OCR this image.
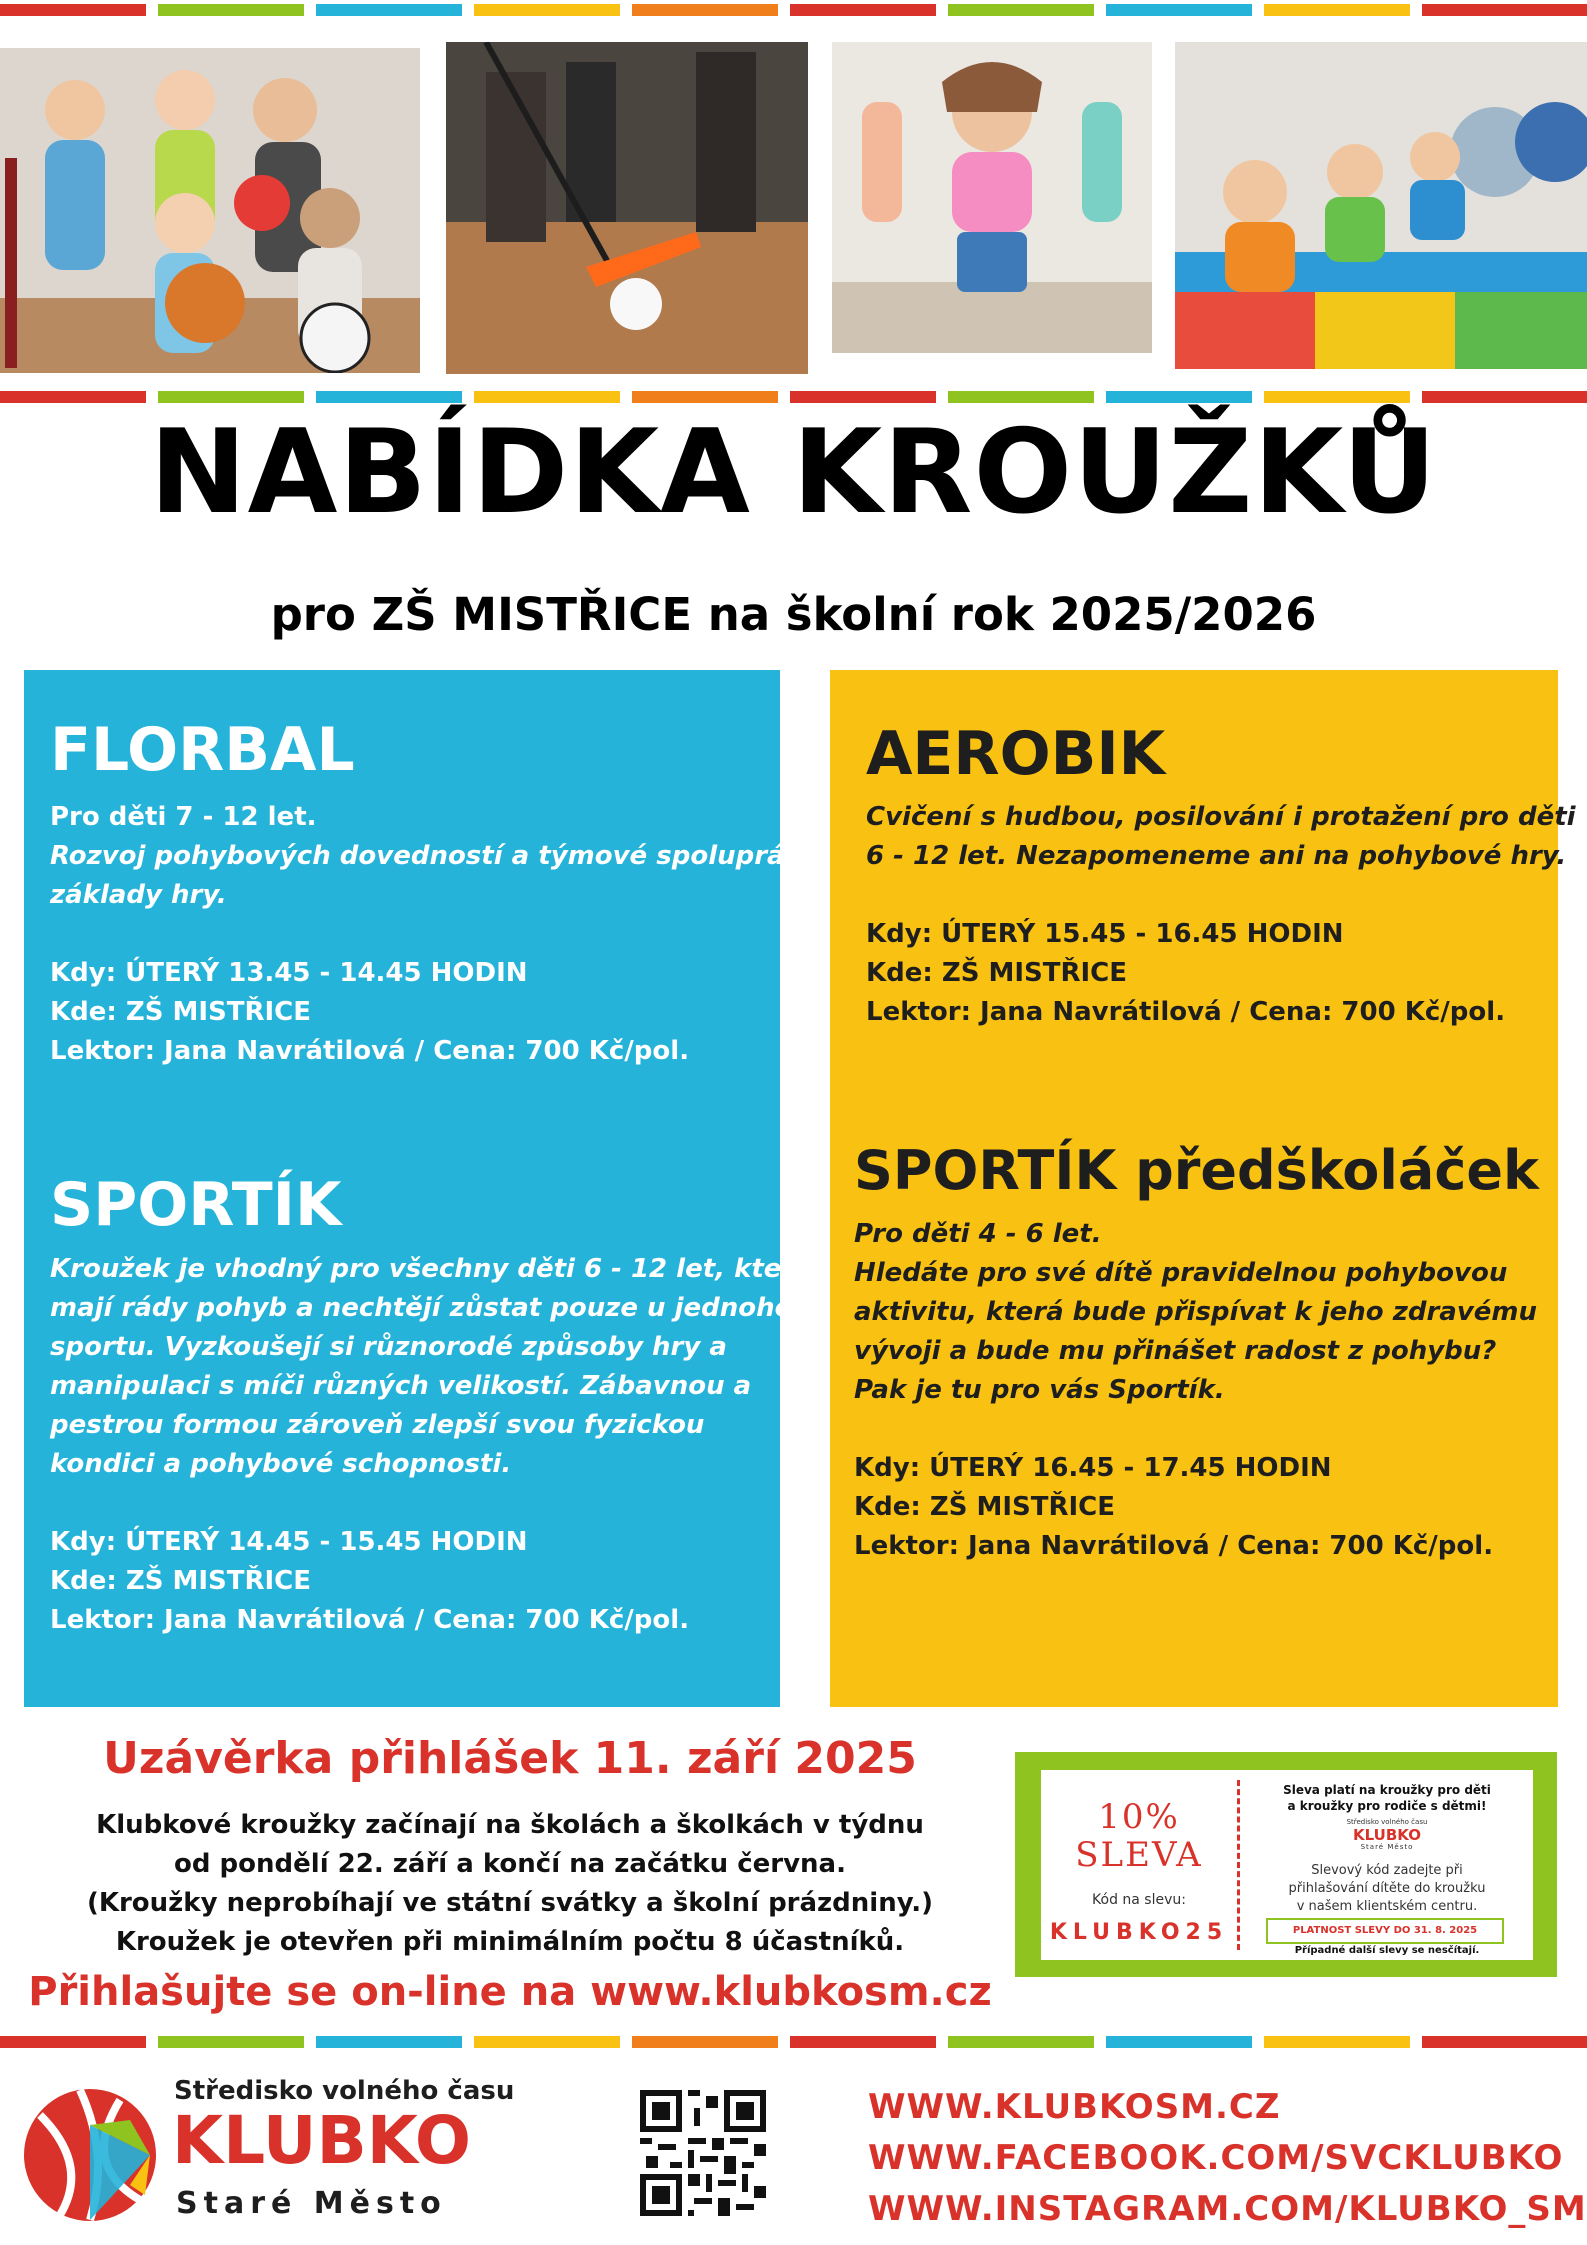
NABÍDKA KROUŽKŮ
pro ZŠ MISTŘICE na školní rok 2025/2026
FLORBAL
Pro děti 7 - 12 let.
Rozvoj pohybových dovedností a týmové spolupráce,
základy hry.
Kdy: ÚTERÝ 13.45 - 14.45 HODIN
Kde: ZŠ MISTŘICE
Lektor: Jana Navrátilová / Cena: 700 Kč/pol.
SPORTÍK
Kroužek je vhodný pro všechny děti 6 - 12 let, které
mají rády pohyb a nechtějí zůstat pouze u jednoho
sportu. Vyzkoušejí si různorodé způsoby hry a
manipulaci s míči různých velikostí. Zábavnou a
pestrou formou zároveň zlepší svou fyzickou
kondici a pohybové schopnosti.
Kdy: ÚTERÝ 14.45 - 15.45 HODIN
Kde: ZŠ MISTŘICE
Lektor: Jana Navrátilová / Cena: 700 Kč/pol.
AEROBIK
Cvičení s hudbou, posilování i protažení pro děti
6 - 12 let. Nezapomeneme ani na pohybové hry.
Kdy: ÚTERÝ 15.45 - 16.45 HODIN
Kde: ZŠ MISTŘICE
Lektor: Jana Navrátilová / Cena: 700 Kč/pol.
SPORTÍK předškoláček
Pro děti 4 - 6 let.
Hledáte pro své dítě pravidelnou pohybovou
aktivitu, která bude přispívat k jeho zdravému
vývoji a bude mu přinášet radost z pohybu?
Pak je tu pro vás Sportík.
Kdy: ÚTERÝ 16.45 - 17.45 HODIN
Kde: ZŠ MISTŘICE
Lektor: Jana Navrátilová / Cena: 700 Kč/pol.
Uzávěrka přihlášek 11. září 2025
Klubkové kroužky začínají na školách a školkách v týdnu
od pondělí 22. září a končí na začátku června.
(Kroužky neprobíhají ve státní svátky a školní prázdniny.)
Kroužek je otevřen při minimálním počtu 8 účastníků.
Přihlašujte se on-line na www.klubkosm.cz
10%
SLEVA
Kód na slevu:
KLUBKO25
Sleva platí na kroužky pro děti
a kroužky pro rodiče s dětmi!
Středisko volného času
KLUBKO
Staré Město
Slevový kód zadejte při
přihlašování dítěte do kroužku
v našem klientském centru.
PLATNOST SLEVY DO 31. 8. 2025
Případné další slevy se nesčítají.
Středisko volného času
KLUBKO
Staré Město
WWW.KLUBKOSM.CZ
WWW.FACEBOOK.COM/SVCKLUBKO
WWW.INSTAGRAM.COM/KLUBKO_SM
